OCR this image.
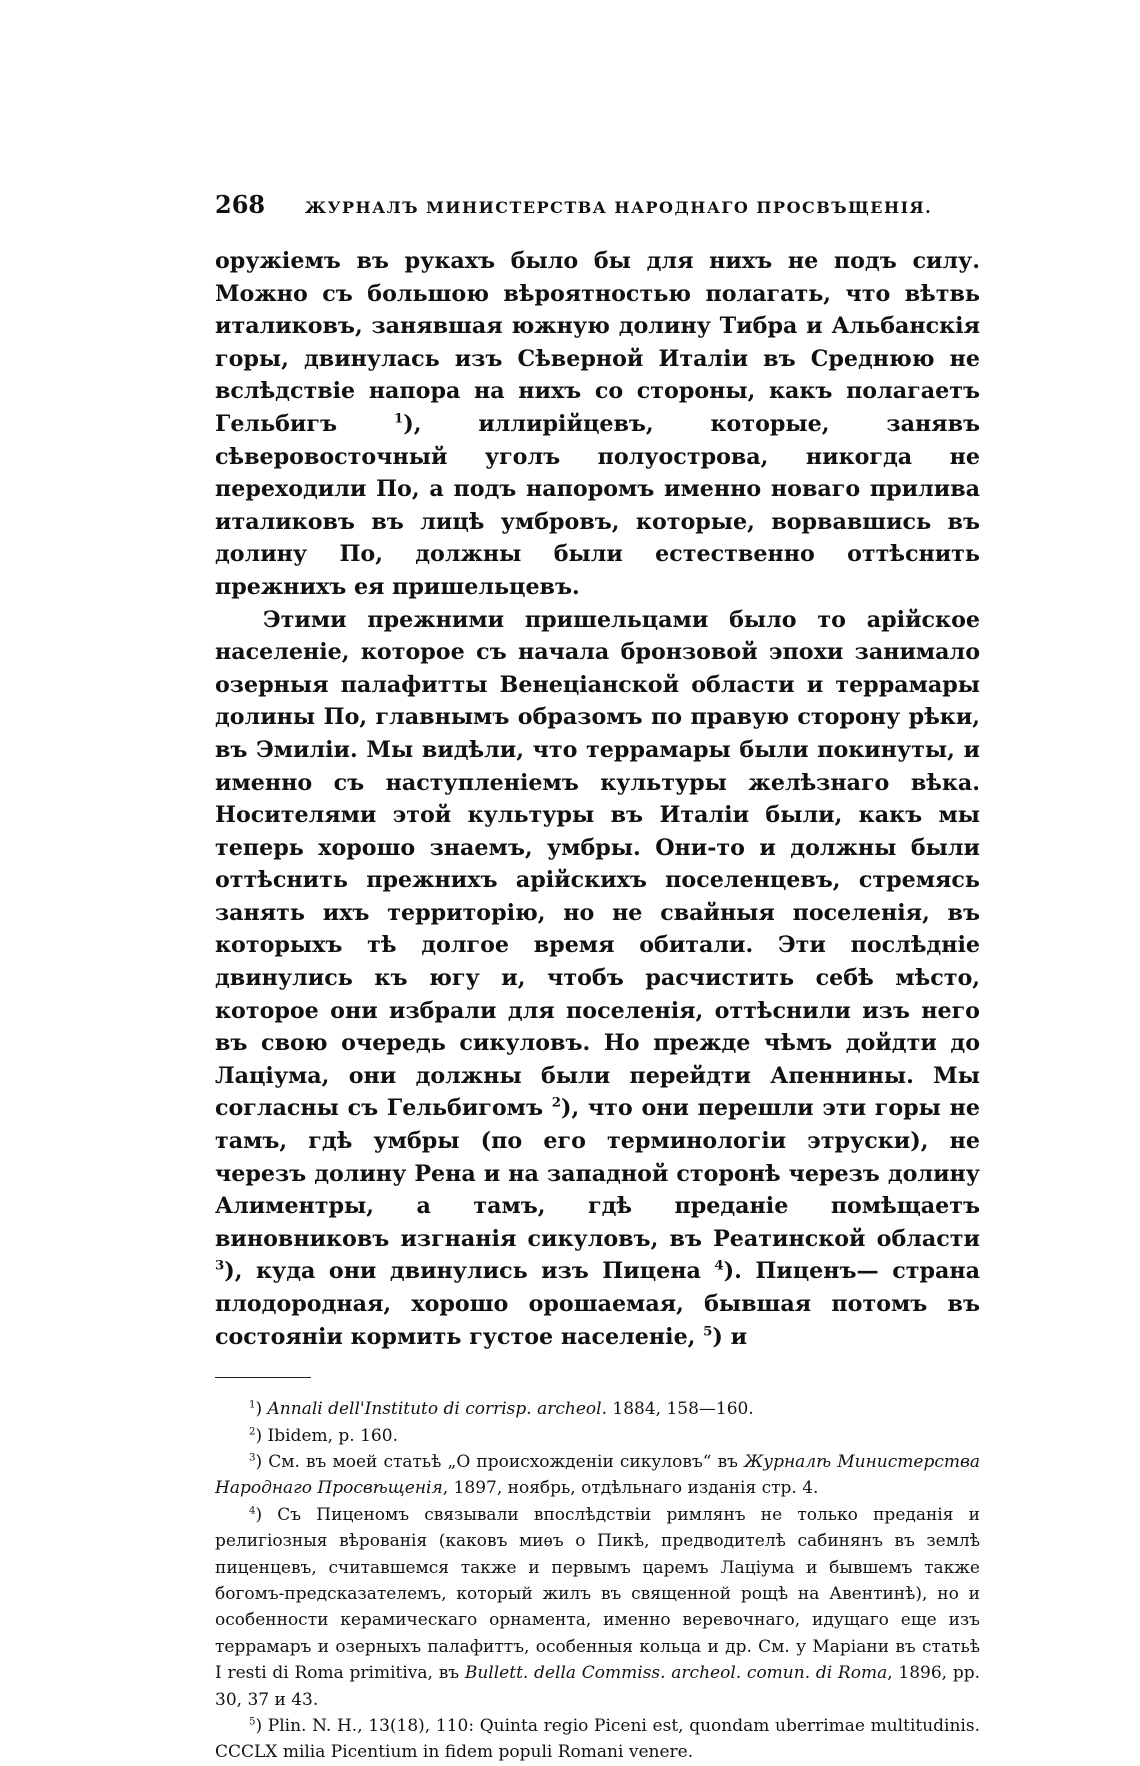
268	ЖУРНАЛЪ МИНИСТЕРСТВА НАРОДНАГО ПРОСВЪЩЕНІЯ.

оружіемъ въ рукахъ было бы для нихъ не подъ силу. Можно съ большою вѣроятностью полагать, что вѣтвь италиковъ, занявшая южную долину Тибра и Альбанскія горы, двинулась изъ Сѣверной Италіи въ Среднюю не вслѣдствіе напора на нихъ со стороны, какъ полагаетъ Гельбигъ $^1$), иллирійцевъ, которые, занявъ сѣверовосточный уголъ полуострова, никогда не переходили По, а подъ напоромъ именно новаго прилива италиковъ въ лицѣ умбровъ, которые, ворвавшись въ долину По, должны были естественно оттѣснить прежнихъ ея пришельцевъ.

Этими прежними пришельцами было то арійское населеніе, которое съ начала бронзовой эпохи занимало озерныя палафитты Венеціанской области и террамары долины По, главнымъ образомъ по правую сторону рѣки, въ Эмиліи. Мы видѣли, что террамары были покинуты, и именно съ наступленіемъ культуры желѣзнаго вѣка. Носителями этой культуры въ Италіи были, какъ мы теперь хорошо знаемъ, умбры. Они-то и должны были оттѣснить прежнихъ арійскихъ поселенцевъ, стремясь занять ихъ территорію, но не свайныя поселенія, въ которыхъ тѣ долгое время обитали. Эти послѣдніе двинулись къ югу и, чтобъ расчистить себѣ мѣсто, которое они избрали для поселенія, оттѣснили изъ него въ свою очередь сикуловъ. Но прежде чѣмъ дойдти до Лаціума, они должны были перейдти Апеннины. Мы согласны съ Гельбигомъ $^2$), что они перешли эти горы не тамъ, гдѣ умбры (по его терминологіи этруски), не черезъ долину Рена и на западной сторонѣ черезъ долину Алиментры, а тамъ, гдѣ преданіе помѣщаетъ виновниковъ изгнанія сикуловъ, въ Реатинской области $^3$), куда они двинулись изъ Пицена $^4$). Пиценъ— страна плодородная, хорошо орошаемая, бывшая потомъ въ состояніи кормить густое населеніе, $^5$) и

$^1$) Annali dell'Instituto di corrisp. archeol. 1884, 158—160.

$^2$) Ibidem, p. 160.

$^3$) См. въ моей статьѣ „О происхожденіи сикуловъ“ въ Журналѣ Министерства Народнаго Просвѣщенія, 1897, ноябрь, отдѣльнаго изданія стр. 4.

$^4$) Съ Пиценомъ связывали впослѣдствіи римлянъ не только преданія и религіозныя вѣрованія (каковъ миѳъ о Пикѣ, предводителѣ сабинянъ въ землѣ пиценцевъ, считавшемся также и первымъ царемъ Лаціума и бывшемъ также богомъ-предсказателемъ, который жилъ въ священной рощѣ на Авентинѣ), но и особенности керамическаго орнамента, именно веревочнаго, идущаго еще изъ террамаръ и озерныхъ палафиттъ, особенныя кольца и др. См. у Маріани въ статьѣ I resti di Roma primitiva, въ Bullett. della Commiss. archeol. comun. di Roma, 1896, pp. 30, 37 и 43.

$^5$) Plin. N. H., 13(18), 110: Quinta regio Piceni est, quondam uberrimae multitudinis. CCCLX milia Picentium in fidem populi Romani venere.
